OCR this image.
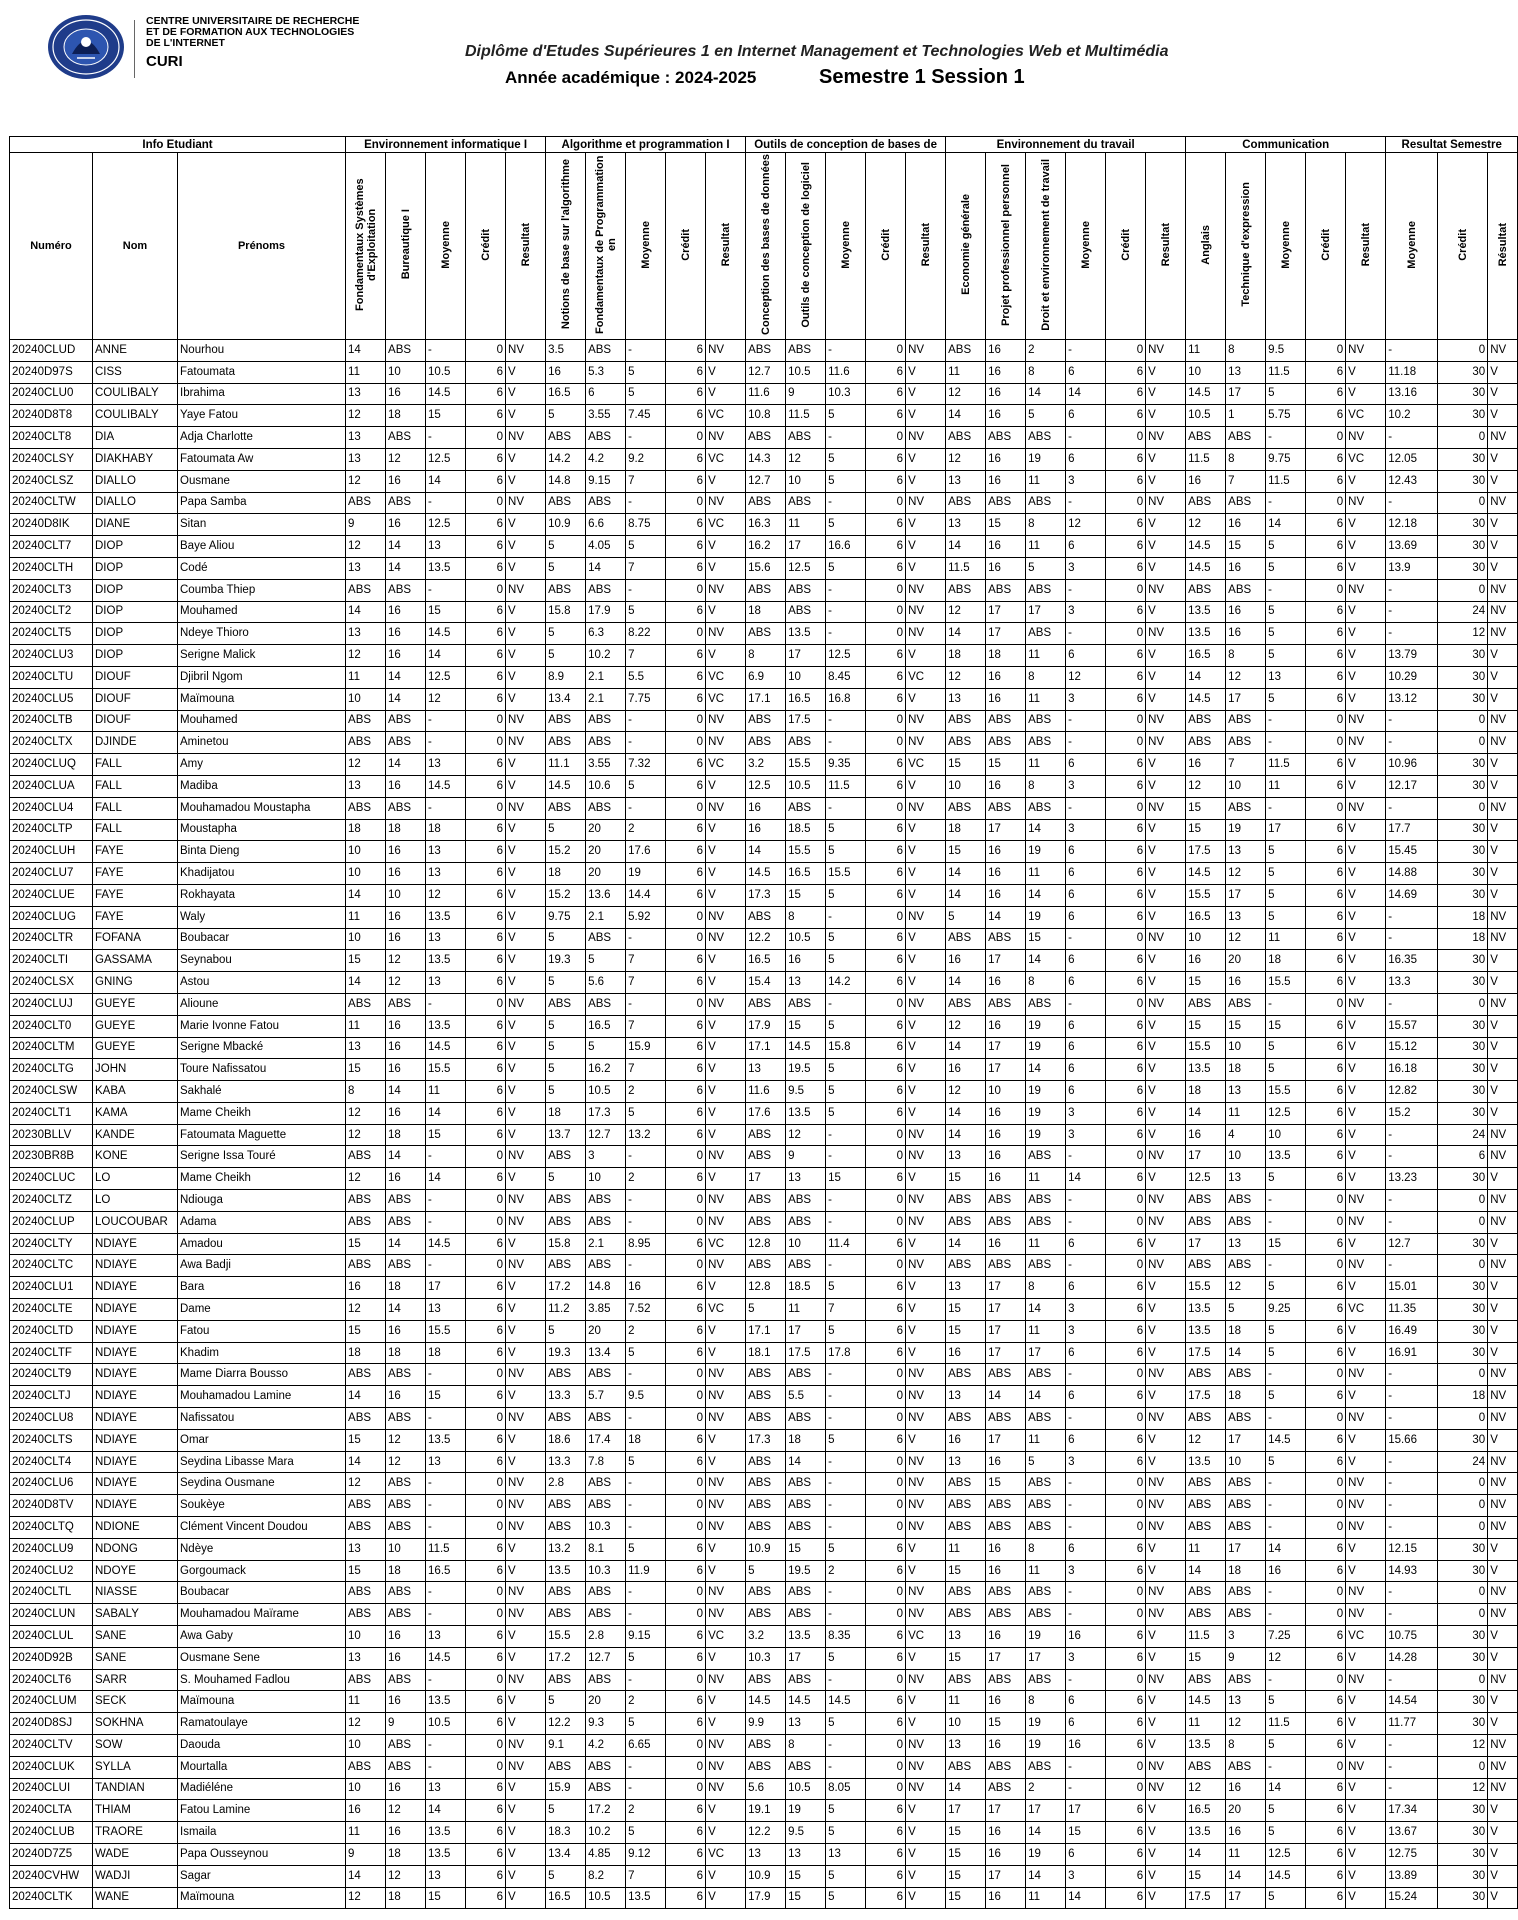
CENTRE UNIVERSITAIRE DE RECHERCHE
ET DE FORMATION AUX TECHNOLOGIES
DE L'INTERNET
CURI
Diplôme d'Etudes Supérieures 1 en Internet Management et Technologies Web et Multimédia
Année académique : 2024-2025	Semestre 1 Session 1
Info Etudiant			Environnement informatique I					Algorithme et programmation I					Outils de conception de bases de					Environnement du travail						Communication					Resultat Semestre		
Numéro	Nom	Prénoms	Fondamentaux Systèmes d'Exploitation	Bureautique I	Moyenne	Crédit	Resultat	Notions de base sur l'algorithme	Fondamentaux de Programmation en	Moyenne	Crédit	Resultat	Conception des bases de données	Outils de conception de logiciel	Moyenne	Crédit	Resultat	Economie générale	Projet professionnel personnel	Droit et environnement de travail	Moyenne	Crédit	Resultat	Anglais	Technique d'expression	Moyenne	Crédit	Resultat	Moyenne	Crédit	Résultat
20240CLUD	ANNE	Nourhou	14	ABS	-	0	NV	3.5	ABS	-	6	NV	ABS	ABS	-	0	NV	ABS	16	2	-	0	NV	11	8	9.5	0	NV	-	0	NV
20240D97S	CISS	Fatoumata	11	10	10.5	6	V	16	5.3	5	6	V	12.7	10.5	11.6	6	V	11	16	8	6	6	V	10	13	11.5	6	V	11.18	30	V
20240CLU0	COULIBALY	Ibrahima	13	16	14.5	6	V	16.5	6	5	6	V	11.6	9	10.3	6	V	12	16	14	14	6	V	14.5	17	5	6	V	13.16	30	V
20240D8T8	COULIBALY	Yaye Fatou	12	18	15	6	V	5	3.55	7.45	6	VC	10.8	11.5	5	6	V	14	16	5	6	6	V	10.5	1	5.75	6	VC	10.2	30	V
20240CLT8	DIA	Adja Charlotte	13	ABS	-	0	NV	ABS	ABS	-	0	NV	ABS	ABS	-	0	NV	ABS	ABS	ABS	-	0	NV	ABS	ABS	-	0	NV	-	0	NV
20240CLSY	DIAKHABY	Fatoumata Aw	13	12	12.5	6	V	14.2	4.2	9.2	6	VC	14.3	12	5	6	V	12	16	19	6	6	V	11.5	8	9.75	6	VC	12.05	30	V
20240CLSZ	DIALLO	Ousmane	12	16	14	6	V	14.8	9.15	7	6	V	12.7	10	5	6	V	13	16	11	3	6	V	16	7	11.5	6	V	12.43	30	V
20240CLTW	DIALLO	Papa Samba	ABS	ABS	-	0	NV	ABS	ABS	-	0	NV	ABS	ABS	-	0	NV	ABS	ABS	ABS	-	0	NV	ABS	ABS	-	0	NV	-	0	NV
20240D8IK	DIANE	Sitan	9	16	12.5	6	V	10.9	6.6	8.75	6	VC	16.3	11	5	6	V	13	15	8	12	6	V	12	16	14	6	V	12.18	30	V
20240CLT7	DIOP	Baye Aliou	12	14	13	6	V	5	4.05	5	6	V	16.2	17	16.6	6	V	14	16	11	6	6	V	14.5	15	5	6	V	13.69	30	V
20240CLTH	DIOP	Codé	13	14	13.5	6	V	5	14	7	6	V	15.6	12.5	5	6	V	11.5	16	5	3	6	V	14.5	16	5	6	V	13.9	30	V
20240CLT3	DIOP	Coumba Thiep	ABS	ABS	-	0	NV	ABS	ABS	-	0	NV	ABS	ABS	-	0	NV	ABS	ABS	ABS	-	0	NV	ABS	ABS	-	0	NV	-	0	NV
20240CLT2	DIOP	Mouhamed	14	16	15	6	V	15.8	17.9	5	6	V	18	ABS	-	0	NV	12	17	17	3	6	V	13.5	16	5	6	V	-	24	NV
20240CLT5	DIOP	Ndeye Thioro	13	16	14.5	6	V	5	6.3	8.22	0	NV	ABS	13.5	-	0	NV	14	17	ABS	-	0	NV	13.5	16	5	6	V	-	12	NV
20240CLU3	DIOP	Serigne Malick	12	16	14	6	V	5	10.2	7	6	V	8	17	12.5	6	V	18	18	11	6	6	V	16.5	8	5	6	V	13.79	30	V
20240CLTU	DIOUF	Djibril Ngom	11	14	12.5	6	V	8.9	2.1	5.5	6	VC	6.9	10	8.45	6	VC	12	16	8	12	6	V	14	12	13	6	V	10.29	30	V
20240CLU5	DIOUF	Maïmouna	10	14	12	6	V	13.4	2.1	7.75	6	VC	17.1	16.5	16.8	6	V	13	16	11	3	6	V	14.5	17	5	6	V	13.12	30	V
20240CLTB	DIOUF	Mouhamed	ABS	ABS	-	0	NV	ABS	ABS	-	0	NV	ABS	17.5	-	0	NV	ABS	ABS	ABS	-	0	NV	ABS	ABS	-	0	NV	-	0	NV
20240CLTX	DJINDE	Aminetou	ABS	ABS	-	0	NV	ABS	ABS	-	0	NV	ABS	ABS	-	0	NV	ABS	ABS	ABS	-	0	NV	ABS	ABS	-	0	NV	-	0	NV
20240CLUQ	FALL	Amy	12	14	13	6	V	11.1	3.55	7.32	6	VC	3.2	15.5	9.35	6	VC	15	15	11	6	6	V	16	7	11.5	6	V	10.96	30	V
20240CLUA	FALL	Madiba	13	16	14.5	6	V	14.5	10.6	5	6	V	12.5	10.5	11.5	6	V	10	16	8	3	6	V	12	10	11	6	V	12.17	30	V
20240CLU4	FALL	Mouhamadou Moustapha	ABS	ABS	-	0	NV	ABS	ABS	-	0	NV	16	ABS	-	0	NV	ABS	ABS	ABS	-	0	NV	15	ABS	-	0	NV	-	0	NV
20240CLTP	FALL	Moustapha	18	18	18	6	V	5	20	2	6	V	16	18.5	5	6	V	18	17	14	3	6	V	15	19	17	6	V	17.7	30	V
20240CLUH	FAYE	Binta Dieng	10	16	13	6	V	15.2	20	17.6	6	V	14	15.5	5	6	V	15	16	19	6	6	V	17.5	13	5	6	V	15.45	30	V
20240CLU7	FAYE	Khadijatou	10	16	13	6	V	18	20	19	6	V	14.5	16.5	15.5	6	V	14	16	11	6	6	V	14.5	12	5	6	V	14.88	30	V
20240CLUE	FAYE	Rokhayata	14	10	12	6	V	15.2	13.6	14.4	6	V	17.3	15	5	6	V	14	16	14	6	6	V	15.5	17	5	6	V	14.69	30	V
20240CLUG	FAYE	Waly	11	16	13.5	6	V	9.75	2.1	5.92	0	NV	ABS	8	-	0	NV	5	14	19	6	6	V	16.5	13	5	6	V	-	18	NV
20240CLTR	FOFANA	Boubacar	10	16	13	6	V	5	ABS	-	0	NV	12.2	10.5	5	6	V	ABS	ABS	15	-	0	NV	10	12	11	6	V	-	18	NV
20240CLTI	GASSAMA	Seynabou	15	12	13.5	6	V	19.3	5	7	6	V	16.5	16	5	6	V	16	17	14	6	6	V	16	20	18	6	V	16.35	30	V
20240CLSX	GNING	Astou	14	12	13	6	V	5	5.6	7	6	V	15.4	13	14.2	6	V	14	16	8	6	6	V	15	16	15.5	6	V	13.3	30	V
20240CLUJ	GUEYE	Alioune	ABS	ABS	-	0	NV	ABS	ABS	-	0	NV	ABS	ABS	-	0	NV	ABS	ABS	ABS	-	0	NV	ABS	ABS	-	0	NV	-	0	NV
20240CLT0	GUEYE	Marie Ivonne Fatou	11	16	13.5	6	V	5	16.5	7	6	V	17.9	15	5	6	V	12	16	19	6	6	V	15	15	15	6	V	15.57	30	V
20240CLTM	GUEYE	Serigne Mbacké	13	16	14.5	6	V	5	5	15.9	6	V	17.1	14.5	15.8	6	V	14	17	19	6	6	V	15.5	10	5	6	V	15.12	30	V
20240CLTG	JOHN	Toure Nafissatou	15	16	15.5	6	V	5	16.2	7	6	V	13	19.5	5	6	V	16	17	14	6	6	V	13.5	18	5	6	V	16.18	30	V
20240CLSW	KABA	Sakhalé	8	14	11	6	V	5	10.5	2	6	V	11.6	9.5	5	6	V	12	10	19	6	6	V	18	13	15.5	6	V	12.82	30	V
20240CLT1	KAMA	Mame Cheikh	12	16	14	6	V	18	17.3	5	6	V	17.6	13.5	5	6	V	14	16	19	3	6	V	14	11	12.5	6	V	15.2	30	V
20230BLLV	KANDE	Fatoumata Maguette	12	18	15	6	V	13.7	12.7	13.2	6	V	ABS	12	-	0	NV	14	16	19	3	6	V	16	4	10	6	V	-	24	NV
20230BR8B	KONE	Serigne Issa Touré	ABS	14	-	0	NV	ABS	3	-	0	NV	ABS	9	-	0	NV	13	16	ABS	-	0	NV	17	10	13.5	6	V	-	6	NV
20240CLUC	LO	Mame Cheikh	12	16	14	6	V	5	10	2	6	V	17	13	15	6	V	15	16	11	14	6	V	12.5	13	5	6	V	13.23	30	V
20240CLTZ	LO	Ndiouga	ABS	ABS	-	0	NV	ABS	ABS	-	0	NV	ABS	ABS	-	0	NV	ABS	ABS	ABS	-	0	NV	ABS	ABS	-	0	NV	-	0	NV
20240CLUP	LOUCOUBAR	Adama	ABS	ABS	-	0	NV	ABS	ABS	-	0	NV	ABS	ABS	-	0	NV	ABS	ABS	ABS	-	0	NV	ABS	ABS	-	0	NV	-	0	NV
20240CLTY	NDIAYE	Amadou	15	14	14.5	6	V	15.8	2.1	8.95	6	VC	12.8	10	11.4	6	V	14	16	11	6	6	V	17	13	15	6	V	12.7	30	V
20240CLTC	NDIAYE	Awa Badji	ABS	ABS	-	0	NV	ABS	ABS	-	0	NV	ABS	ABS	-	0	NV	ABS	ABS	ABS	-	0	NV	ABS	ABS	-	0	NV	-	0	NV
20240CLU1	NDIAYE	Bara	16	18	17	6	V	17.2	14.8	16	6	V	12.8	18.5	5	6	V	13	17	8	6	6	V	15.5	12	5	6	V	15.01	30	V
20240CLTE	NDIAYE	Dame	12	14	13	6	V	11.2	3.85	7.52	6	VC	5	11	7	6	V	15	17	14	3	6	V	13.5	5	9.25	6	VC	11.35	30	V
20240CLTD	NDIAYE	Fatou	15	16	15.5	6	V	5	20	2	6	V	17.1	17	5	6	V	15	17	11	3	6	V	13.5	18	5	6	V	16.49	30	V
20240CLTF	NDIAYE	Khadim	18	18	18	6	V	19.3	13.4	5	6	V	18.1	17.5	17.8	6	V	16	17	17	6	6	V	17.5	14	5	6	V	16.91	30	V
20240CLT9	NDIAYE	Mame Diarra Bousso	ABS	ABS	-	0	NV	ABS	ABS	-	0	NV	ABS	ABS	-	0	NV	ABS	ABS	ABS	-	0	NV	ABS	ABS	-	0	NV	-	0	NV
20240CLTJ	NDIAYE	Mouhamadou Lamine	14	16	15	6	V	13.3	5.7	9.5	0	NV	ABS	5.5	-	0	NV	13	14	14	6	6	V	17.5	18	5	6	V	-	18	NV
20240CLU8	NDIAYE	Nafissatou	ABS	ABS	-	0	NV	ABS	ABS	-	0	NV	ABS	ABS	-	0	NV	ABS	ABS	ABS	-	0	NV	ABS	ABS	-	0	NV	-	0	NV
20240CLTS	NDIAYE	Omar	15	12	13.5	6	V	18.6	17.4	18	6	V	17.3	18	5	6	V	16	17	11	6	6	V	12	17	14.5	6	V	15.66	30	V
20240CLT4	NDIAYE	Seydina Libasse Mara	14	12	13	6	V	13.3	7.8	5	6	V	ABS	14	-	0	NV	13	16	5	3	6	V	13.5	10	5	6	V	-	24	NV
20240CLU6	NDIAYE	Seydina Ousmane	12	ABS	-	0	NV	2.8	ABS	-	0	NV	ABS	ABS	-	0	NV	ABS	15	ABS	-	0	NV	ABS	ABS	-	0	NV	-	0	NV
20240D8TV	NDIAYE	Soukèye	ABS	ABS	-	0	NV	ABS	ABS	-	0	NV	ABS	ABS	-	0	NV	ABS	ABS	ABS	-	0	NV	ABS	ABS	-	0	NV	-	0	NV
20240CLTQ	NDIONE	Clément Vincent Doudou	ABS	ABS	-	0	NV	ABS	10.3	-	0	NV	ABS	ABS	-	0	NV	ABS	ABS	ABS	-	0	NV	ABS	ABS	-	0	NV	-	0	NV
20240CLU9	NDONG	Ndèye	13	10	11.5	6	V	13.2	8.1	5	6	V	10.9	15	5	6	V	11	16	8	6	6	V	11	17	14	6	V	12.15	30	V
20240CLU2	NDOYE	Gorgoumack	15	18	16.5	6	V	13.5	10.3	11.9	6	V	5	19.5	2	6	V	15	16	11	3	6	V	14	18	16	6	V	14.93	30	V
20240CLTL	NIASSE	Boubacar	ABS	ABS	-	0	NV	ABS	ABS	-	0	NV	ABS	ABS	-	0	NV	ABS	ABS	ABS	-	0	NV	ABS	ABS	-	0	NV	-	0	NV
20240CLUN	SABALY	Mouhamadou Maïrame	ABS	ABS	-	0	NV	ABS	ABS	-	0	NV	ABS	ABS	-	0	NV	ABS	ABS	ABS	-	0	NV	ABS	ABS	-	0	NV	-	0	NV
20240CLUL	SANE	Awa Gaby	10	16	13	6	V	15.5	2.8	9.15	6	VC	3.2	13.5	8.35	6	VC	13	16	19	16	6	V	11.5	3	7.25	6	VC	10.75	30	V
20240D92B	SANE	Ousmane Sene	13	16	14.5	6	V	17.2	12.7	5	6	V	10.3	17	5	6	V	15	17	17	3	6	V	15	9	12	6	V	14.28	30	V
20240CLT6	SARR	S. Mouhamed Fadlou	ABS	ABS	-	0	NV	ABS	ABS	-	0	NV	ABS	ABS	-	0	NV	ABS	ABS	ABS	-	0	NV	ABS	ABS	-	0	NV	-	0	NV
20240CLUM	SECK	Maïmouna	11	16	13.5	6	V	5	20	2	6	V	14.5	14.5	14.5	6	V	11	16	8	6	6	V	14.5	13	5	6	V	14.54	30	V
20240D8SJ	SOKHNA	Ramatoulaye	12	9	10.5	6	V	12.2	9.3	5	6	V	9.9	13	5	6	V	10	15	19	6	6	V	11	12	11.5	6	V	11.77	30	V
20240CLTV	SOW	Daouda	10	ABS	-	0	NV	9.1	4.2	6.65	0	NV	ABS	8	-	0	NV	13	16	19	16	6	V	13.5	8	5	6	V	-	12	NV
20240CLUK	SYLLA	Mourtalla	ABS	ABS	-	0	NV	ABS	ABS	-	0	NV	ABS	ABS	-	0	NV	ABS	ABS	ABS	-	0	NV	ABS	ABS	-	0	NV	-	0	NV
20240CLUI	TANDIAN	Madiéléne	10	16	13	6	V	15.9	ABS	-	0	NV	5.6	10.5	8.05	0	NV	14	ABS	2	-	0	NV	12	16	14	6	V	-	12	NV
20240CLTA	THIAM	Fatou Lamine	16	12	14	6	V	5	17.2	2	6	V	19.1	19	5	6	V	17	17	17	17	6	V	16.5	20	5	6	V	17.34	30	V
20240CLUB	TRAORE	Ismaila	11	16	13.5	6	V	18.3	10.2	5	6	V	12.2	9.5	5	6	V	15	16	14	15	6	V	13.5	16	5	6	V	13.67	30	V
20240D7Z5	WADE	Papa Ousseynou	9	18	13.5	6	V	13.4	4.85	9.12	6	VC	13	13	13	6	V	15	16	19	6	6	V	14	11	12.5	6	V	12.75	30	V
20240CVHW	WADJI	Sagar	14	12	13	6	V	5	8.2	7	6	V	10.9	15	5	6	V	15	17	14	3	6	V	15	14	14.5	6	V	13.89	30	V
20240CLTK	WANE	Maïmouna	12	18	15	6	V	16.5	10.5	13.5	6	V	17.9	15	5	6	V	15	16	11	14	6	V	17.5	17	5	6	V	15.24	30	V
